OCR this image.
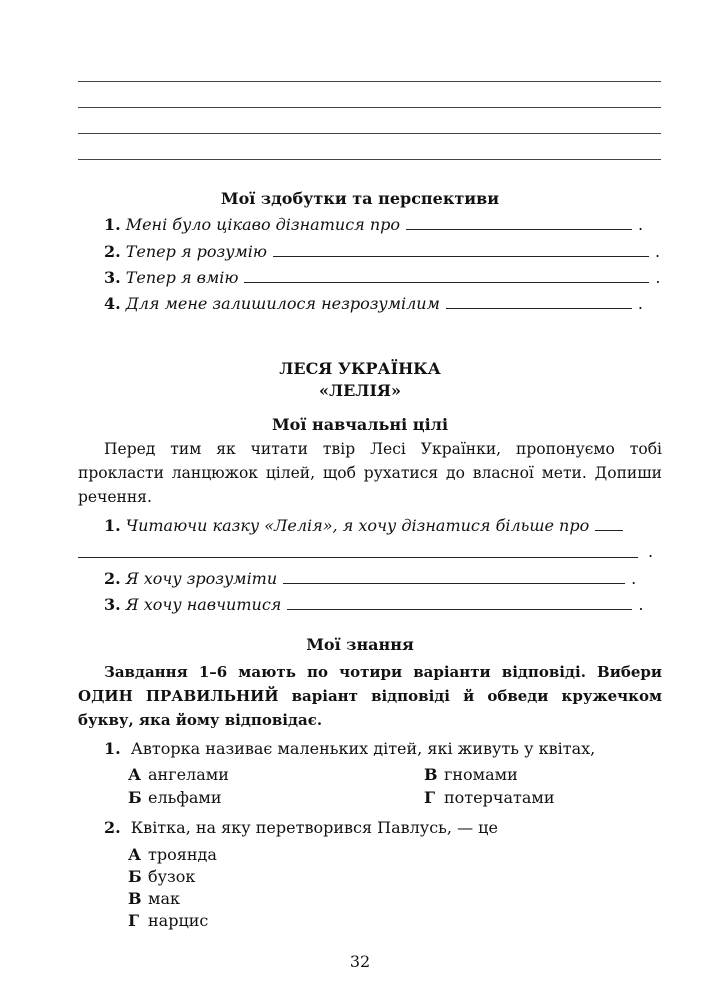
Мої здобутки та перспективи
1. Мені було цікаво дізнатися про	.
2. Тепер я розумію	.
3. Тепер я вмію	.
4. Для мене залишилося незрозумілим	.
ЛЕСЯ УКРАЇНКА
«ЛЕЛІЯ»
Мої навчальні цілі
Перед тим як читати твір Лесі Українки, пропонуємо тобі прокласти ланцюжок цілей, щоб рухатися до власної мети. Допиши речення.
1. Читаючи казку «Лелія», я хочу дізнатися більше про
.
2. Я хочу зрозуміти	.
3. Я хочу навчитися	.
Мої знання
Завдання 1–6 мають по чотири варіанти відповіді. Вибери ОДИН ПРАВИЛЬНИЙ варіант відповіді й обведи кружечком букву, яка йому відповідає.
1. Авторка називає маленьких дітей, які живуть у квітах,
А ангелами	В гномами
Б ельфами	Г потерчатами
2. Квітка, на яку перетворився Павлусь, — це
А троянда
Б бузок
В мак
Г нарцис
32
